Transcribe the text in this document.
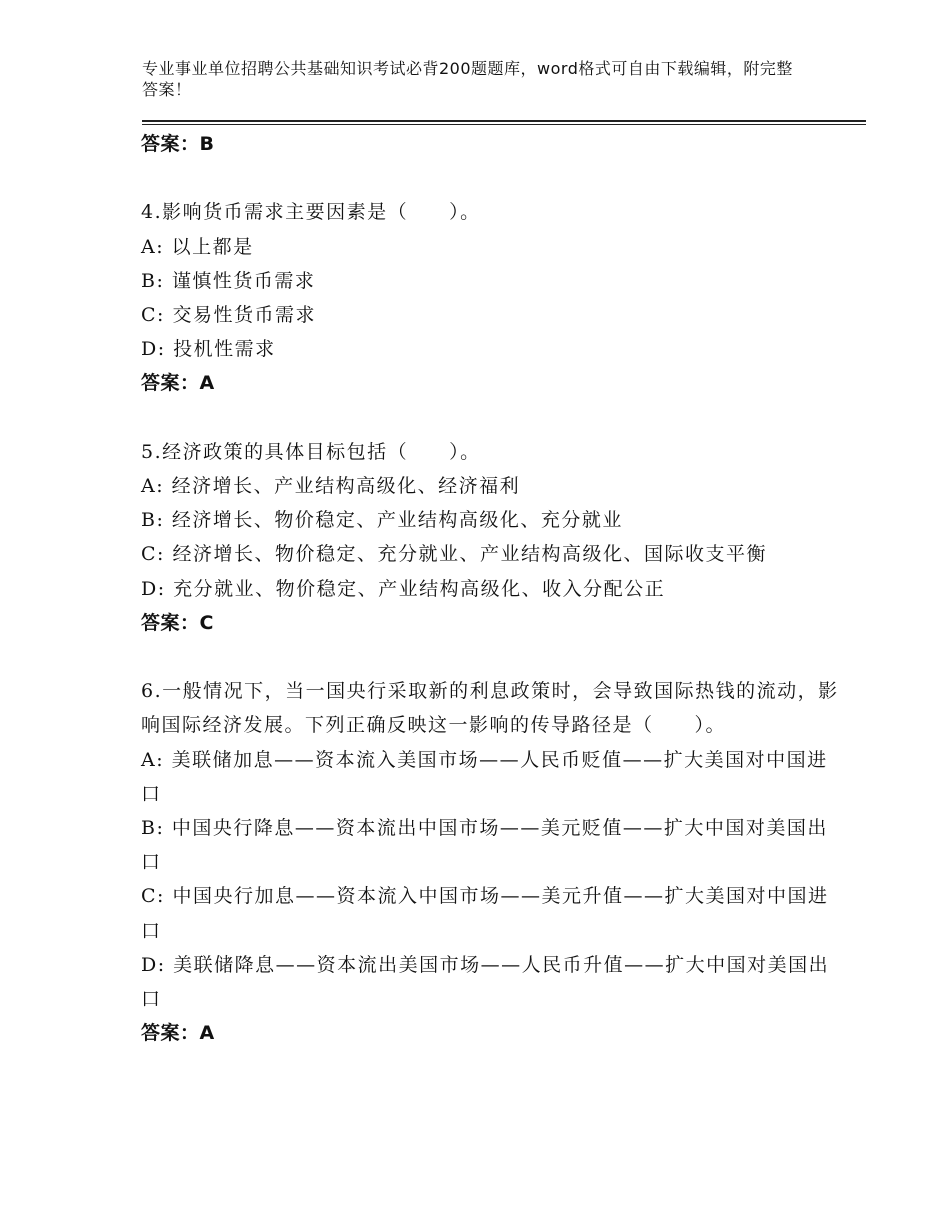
专业事业单位招聘公共基础知识考试必背200题题库，word格式可自由下载编辑，附完整答案！
答案：B
4.影响货币需求主要因素是（　　）。
A: 以上都是
B: 谨慎性货币需求
C: 交易性货币需求
D: 投机性需求
答案：A
5.经济政策的具体目标包括（　　）。
A: 经济增长、产业结构高级化、经济福利
B: 经济增长、物价稳定、产业结构高级化、充分就业
C: 经济增长、物价稳定、充分就业、产业结构高级化、国际收支平衡
D: 充分就业、物价稳定、产业结构高级化、收入分配公正
答案：C
6.一般情况下，当一国央行采取新的利息政策时，会导致国际热钱的流动，影响国际经济发展。下列正确反映这一影响的传导路径是（　　）。
A: 美联储加息——资本流入美国市场——人民币贬值——扩大美国对中国进口
B: 中国央行降息——资本流出中国市场——美元贬值——扩大中国对美国出口
C: 中国央行加息——资本流入中国市场——美元升值——扩大美国对中国进口
D: 美联储降息——资本流出美国市场——人民币升值——扩大中国对美国出口
答案：A
